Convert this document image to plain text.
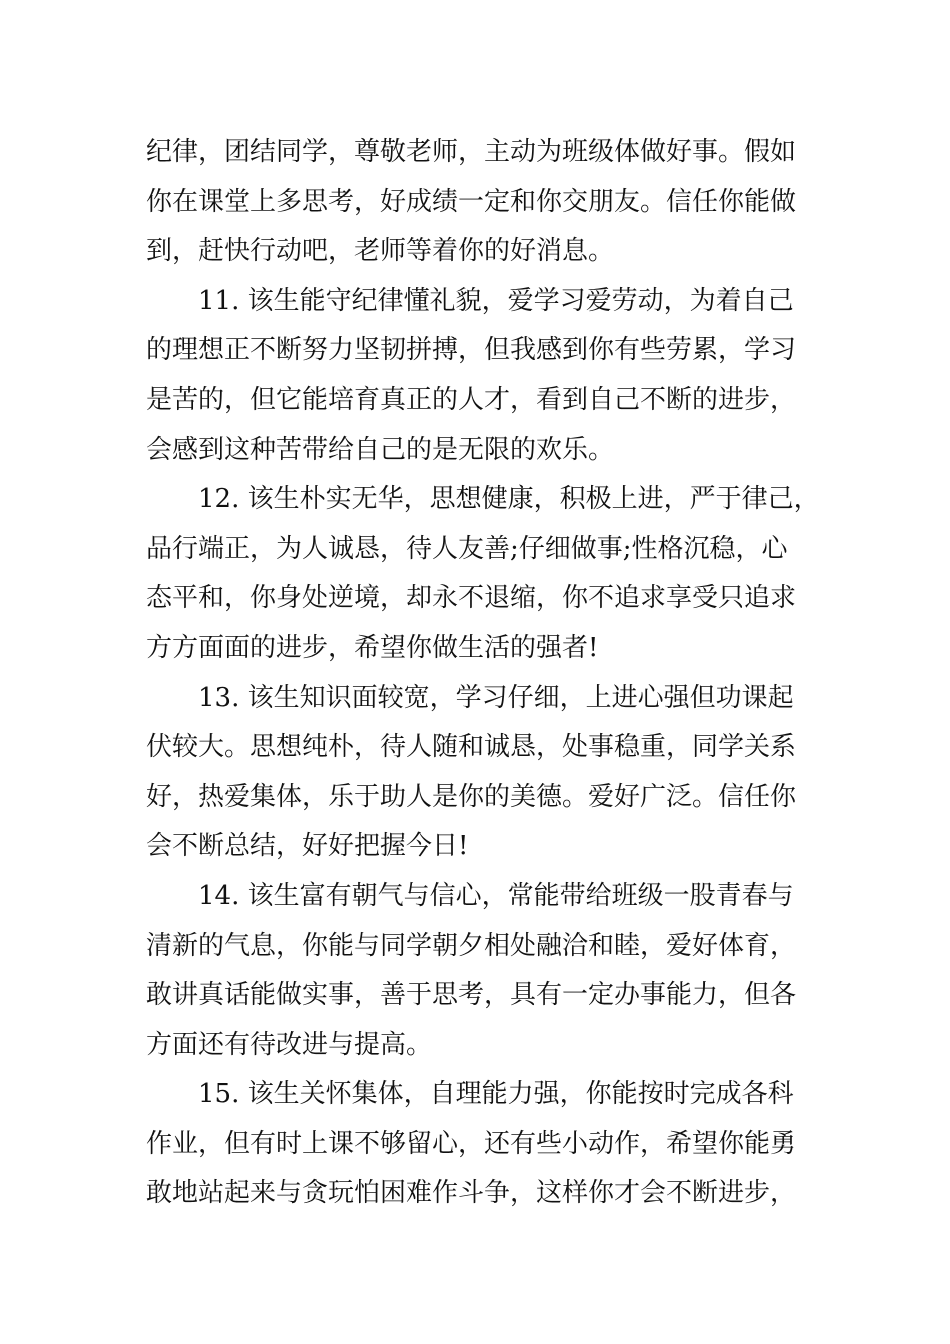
纪律，团结同学，尊敬老师，主动为班级体做好事。假如
你在课堂上多思考，好成绩一定和你交朋友。信任你能做
到，赶快行动吧，老师等着你的好消息。
11. 该生能守纪律懂礼貌，爱学习爱劳动，为着自己
的理想正不断努力坚韧拼搏，但我感到你有些劳累，学习
是苦的，但它能培育真正的人才，看到自己不断的进步，
会感到这种苦带给自己的是无限的欢乐。
12. 该生朴实无华，思想健康，积极上进，严于律己，
品行端正，为人诚恳，待人友善;仔细做事;性格沉稳，心
态平和，你身处逆境，却永不退缩，你不追求享受只追求
方方面面的进步，希望你做生活的强者!
13. 该生知识面较宽，学习仔细，上进心强但功课起
伏较大。思想纯朴，待人随和诚恳，处事稳重，同学关系
好，热爱集体，乐于助人是你的美德。爱好广泛。信任你
会不断总结，好好把握今日!
14. 该生富有朝气与信心，常能带给班级一股青春与
清新的气息，你能与同学朝夕相处融洽和睦，爱好体育，
敢讲真话能做实事，善于思考，具有一定办事能力，但各
方面还有待改进与提高。
15. 该生关怀集体，自理能力强，你能按时完成各科
作业，但有时上课不够留心，还有些小动作，希望你能勇
敢地站起来与贪玩怕困难作斗争，这样你才会不断进步，
